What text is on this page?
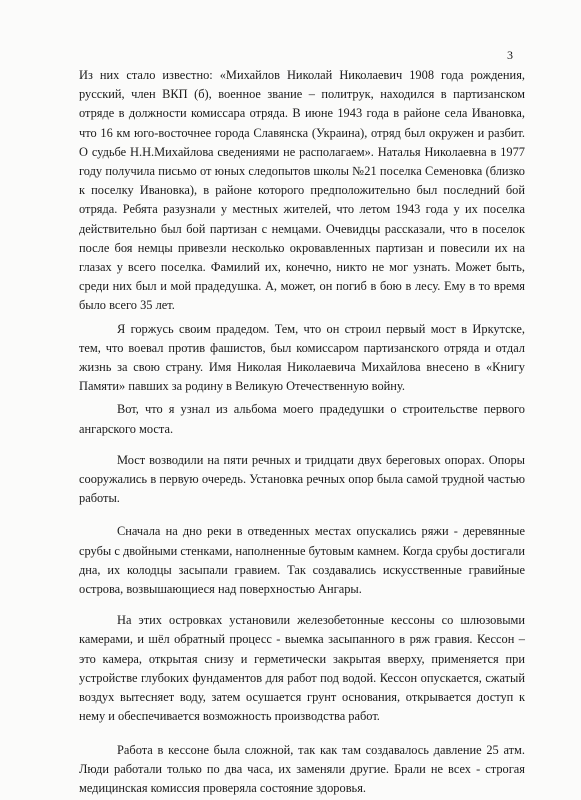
3

Из них стало известно: «Михайлов Николай Николаевич 1908 года рождения, русский, член ВКП (б), военное звание – политрук, находился в партизанском отряде в должности комиссара отряда. В июне 1943 года в районе села Ивановка, что 16 км юго-восточнее города Славянска (Украина), отряд был окружен и разбит. О судьбе Н.Н.Михайлова сведениями не располагаем». Наталья Николаевна в 1977 году получила письмо от юных следопытов школы №21 поселка Семеновка (близко к поселку Ивановка), в районе которого предположительно был последний бой отряда. Ребята разузнали у местных жителей, что летом 1943 года у их поселка действительно был бой партизан с немцами. Очевидцы рассказали, что в поселок после боя немцы привезли несколько окровавленных партизан и повесили их на глазах у всего поселка. Фамилий их, конечно, никто не мог узнать. Может быть, среди них был и мой прадедушка. А, может, он погиб в бою в лесу. Ему в то время было всего 35 лет.

Я горжусь своим прадедом. Тем, что он строил первый мост в Иркутске, тем, что воевал против фашистов, был комиссаром партизанского отряда и отдал жизнь за свою страну. Имя Николая Николаевича Михайлова внесено в «Книгу Памяти» павших за родину в Великую Отечественную войну.

Вот, что я узнал из альбома моего прадедушки о строительстве первого ангарского моста.

Мост возводили на пяти речных и тридцати двух береговых опорах. Опоры сооружались в первую очередь. Установка речных опор была самой трудной частью работы.

Сначала на дно реки в отведенных местах опускались ряжи - деревянные срубы с двойными стенками, наполненные бутовым камнем. Когда срубы достигали дна, их колодцы засыпали гравием. Так создавались искусственные гравийные острова, возвышающиеся над поверхностью Ангары.

На этих островках установили железобетонные кессоны со шлюзовыми камерами, и шёл обратный процесс - выемка засыпанного в ряж гравия. Кессон – это камера, открытая снизу и герметически закрытая вверху, применяется при устройстве глубоких фундаментов для работ под водой. Кессон опускается, сжатый воздух вытесняет воду, затем осушается грунт основания, открывается доступ к нему и обеспечивается возможность производства работ.

Работа в кессоне была сложной, так как там создавалось давление 25 атм. Люди работали только по два часа, их заменяли другие. Брали не всех - строгая медицинская комиссия проверяла состояние здоровья.
